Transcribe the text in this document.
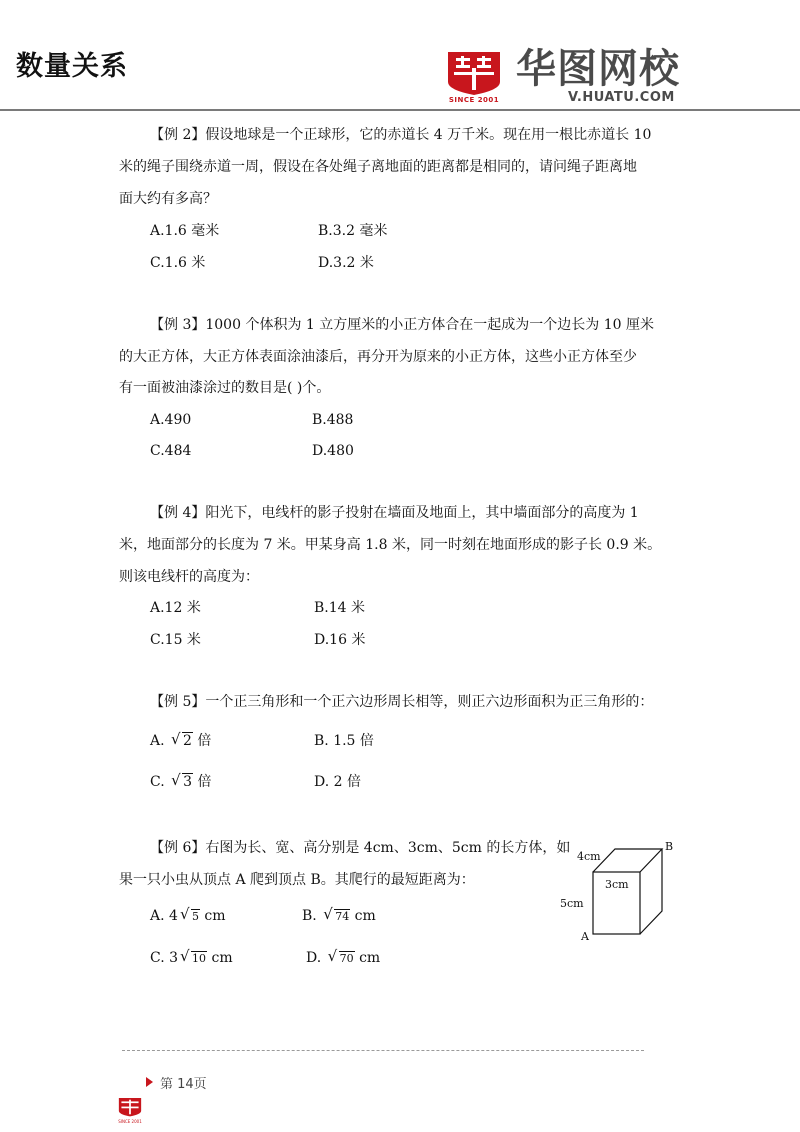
数量关系
SINCE 2001
华图网校
V.HUATU.COM
【例 2】假设地球是一个正球形，它的赤道长 4 万千米。现在用一根比赤道长 10
米的绳子围绕赤道一周，假设在各处绳子离地面的距离都是相同的，请问绳子距离地
面大约有多高？
A.1.6 毫米	B.3.2 毫米
C.1.6 米	D.3.2 米
【例 3】1000 个体积为 1 立方厘米的小正方体合在一起成为一个边长为 10 厘米
的大正方体，大正方体表面涂油漆后，再分开为原来的小正方体，这些小正方体至少
有一面被油漆涂过的数目是( )个。
A.490	B.488
C.484	D.480
【例 4】阳光下，电线杆的影子投射在墙面及地面上，其中墙面部分的高度为 1
米，地面部分的长度为 7 米。甲某身高 1.8 米，同一时刻在地面形成的影子长 0.9 米。
则该电线杆的高度为：
A.12 米	B.14 米
C.15 米	D.16 米
【例 5】一个正三角形和一个正六边形周长相等，则正六边形面积为正三角形的：
A. √ 2 倍	B. 1.5 倍
C. √ 3 倍	D. 2 倍
【例 6】右图为长、宽、高分别是 4cm、3cm、5cm 的长方体，如
果一只小虫从顶点 A 爬到顶点 B。其爬行的最短距离为：
A. 4 √ 5 cm	B. √ 74 cm
C. 3 √ 10 cm	D. √ 70 cm
4cm
3cm
5cm
A
B
第 14页
SINCE 2001
